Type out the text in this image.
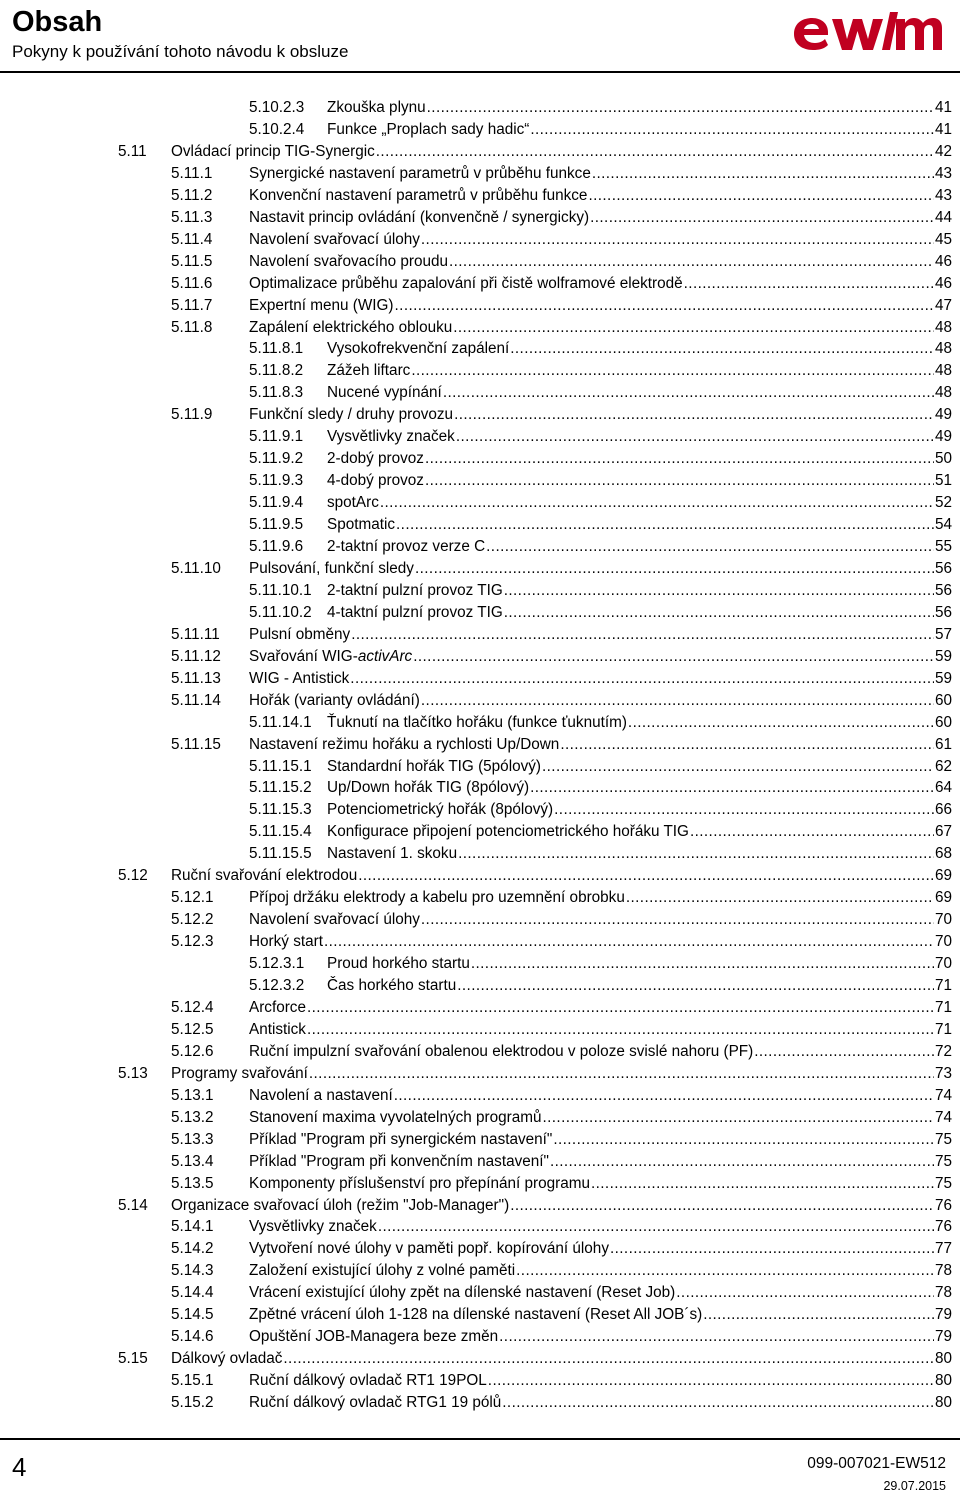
Obsah
Pokyny k používání tohoto návodu k obsluze
5.10.2.3	Zkouška plynu .....	41
5.10.2.4	Funkce „Proplach sady hadic“ .....	41
5.11	Ovládací princip TIG-Synergic .....	42
5.11.1	Synergické nastavení parametrů v průběhu funkce .....	43
5.11.2	Konvenční nastavení parametrů v průběhu funkce .....	43
5.11.3	Nastavit princip ovládání (konvenčně / synergicky) .....	44
5.11.4	Navolení svařovací úlohy .....	45
5.11.5	Navolení svařovacího proudu .....	46
5.11.6	Optimalizace průběhu zapalování při čistě wolframové elektrodě .....	46
5.11.7	Expertní menu (WIG) .....	47
5.11.8	Zapálení elektrického oblouku .....	48
5.11.8.1	Vysokofrekvenční zapálení .....	48
5.11.8.2	Zážeh liftarc .....	48
5.11.8.3	Nucené vypínání .....	48
5.11.9	Funkční sledy / druhy provozu .....	49
5.11.9.1	Vysvětlivky značek .....	49
5.11.9.2	2-dobý provoz .....	50
5.11.9.3	4-dobý provoz .....	51
5.11.9.4	spotArc .....	52
5.11.9.5	Spotmatic .....	54
5.11.9.6	2-taktní provoz verze C .....	55
5.11.10	Pulsování, funkční sledy .....	56
5.11.10.1	2-taktní pulzní provoz TIG .....	56
5.11.10.2	4-taktní pulzní provoz TIG .....	56
5.11.11	Pulsní obměny .....	57
5.11.12	Svařování WIG-activArc .....	59
5.11.13	WIG - Antistick .....	59
5.11.14	Hořák (varianty ovládání) .....	60
5.11.14.1	Ťuknutí na tlačítko hořáku (funkce ťuknutím) .....	60
5.11.15	Nastavení režimu hořáku a rychlosti Up/Down .....	61
5.11.15.1	Standardní hořák TIG (5pólový) .....	62
5.11.15.2	Up/Down hořák TIG (8pólový) .....	64
5.11.15.3	Potenciometrický hořák (8pólový) .....	66
5.11.15.4	Konfigurace připojení potenciometrického hořáku TIG .....	67
5.11.15.5	Nastavení 1. skoku .....	68
5.12	Ruční svařování elektrodou .....	69
5.12.1	Přípoj držáku elektrody a kabelu pro uzemnění obrobku .....	69
5.12.2	Navolení svařovací úlohy .....	70
5.12.3	Horký start .....	70
5.12.3.1	Proud horkého startu .....	70
5.12.3.2	Čas horkého startu .....	71
5.12.4	Arcforce .....	71
5.12.5	Antistick .....	71
5.12.6	Ruční impulzní svařování obalenou elektrodou v poloze svislé nahoru (PF) .....	72
5.13	Programy svařování .....	73
5.13.1	Navolení a nastavení .....	74
5.13.2	Stanovení maxima vyvolatelných programů .....	74
5.13.3	Příklad "Program při synergickém nastavení" .....	75
5.13.4	Příklad "Program při konvenčním nastavení" .....	75
5.13.5	Komponenty příslušenství pro přepínání programu .....	75
5.14	Organizace svařovací úloh (režim "Job-Manager") .....	76
5.14.1	Vysvětlivky značek .....	76
5.14.2	Vytvoření nové úlohy v paměti popř. kopírování úlohy .....	77
5.14.3	Založení existující úlohy z volné paměti .....	78
5.14.4	Vrácení existující úlohy zpět na dílenské nastavení (Reset Job) .....	78
5.14.5	Zpětné vrácení úloh 1-128 na dílenské nastavení (Reset All JOB´s) .....	79
5.14.6	Opuštění JOB-Managera beze změn .....	79
5.15	Dálkový ovladač .....	80
5.15.1	Ruční dálkový ovladač RT1 19POL .....	80
5.15.2	Ruční dálkový ovladač RTG1 19 pólů .....	80
4	099-007021-EW512
29.07.2015
